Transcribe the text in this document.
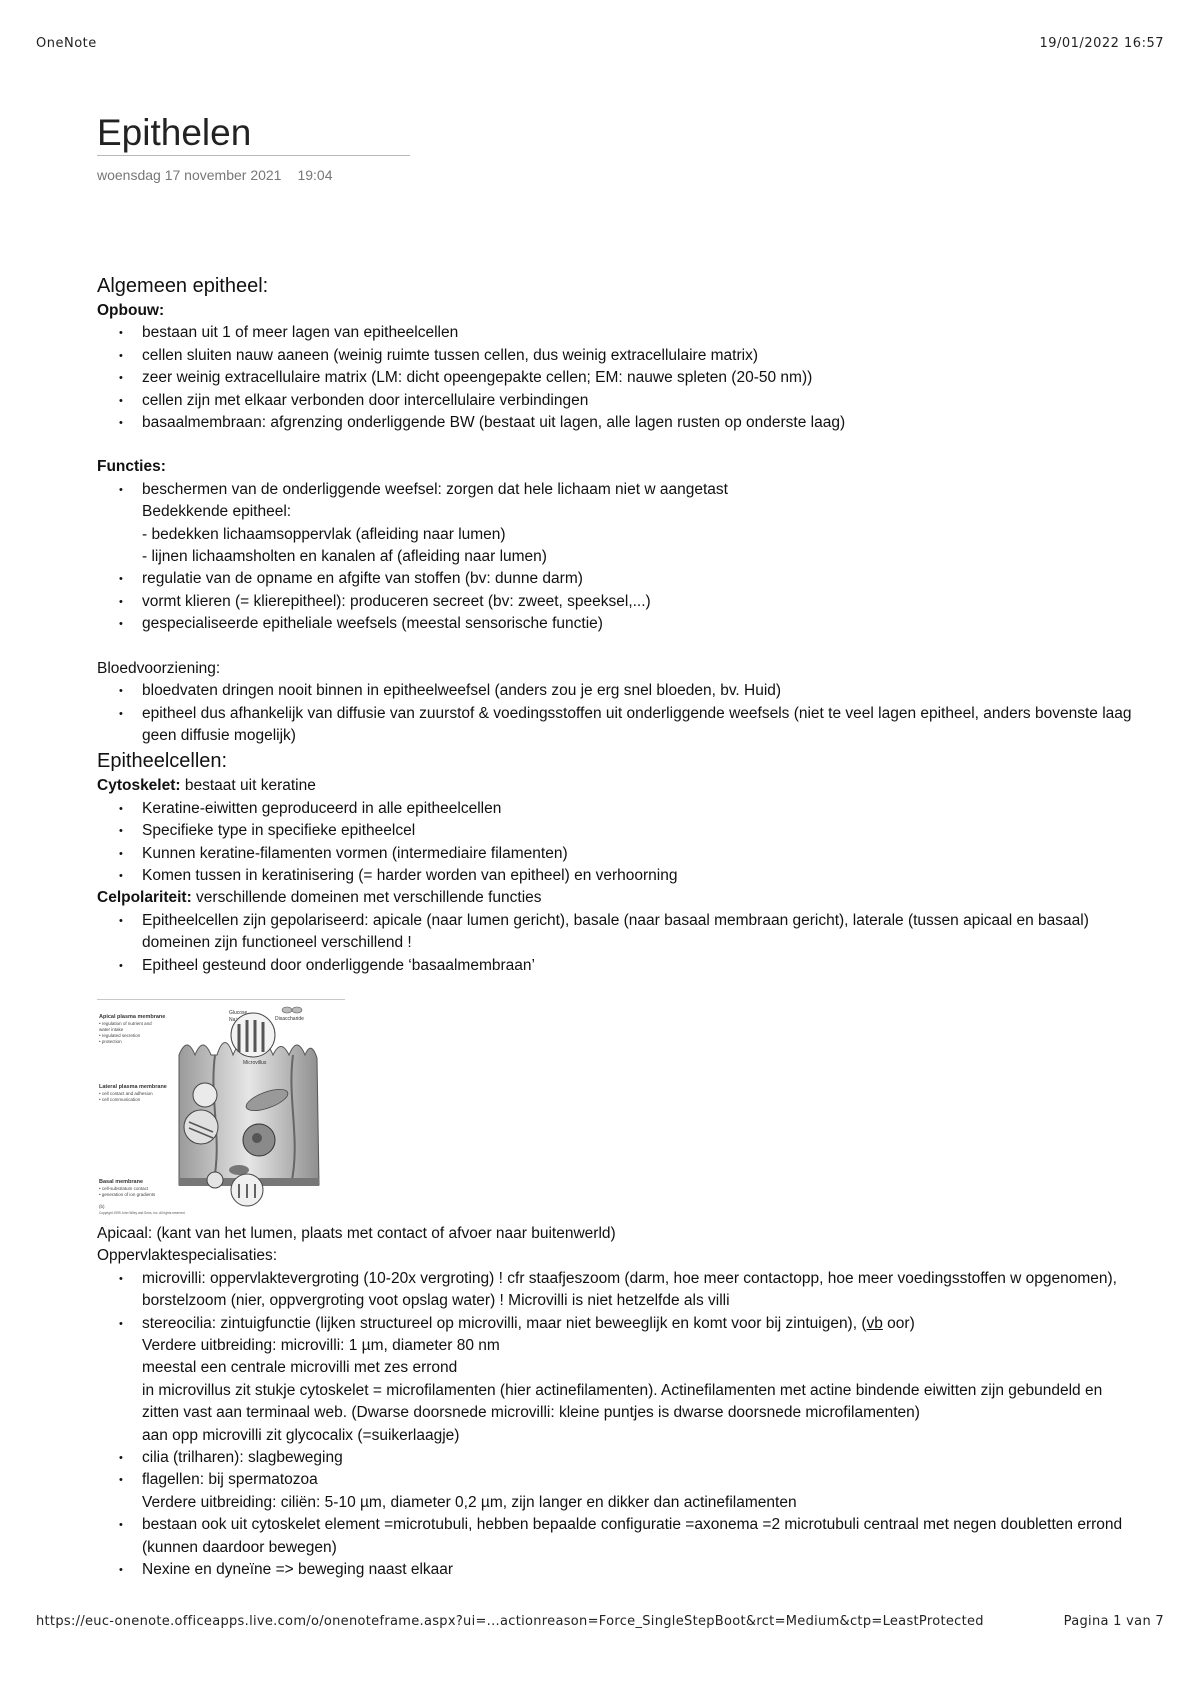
OneNote	19/01/2022 16:57
Epithelen
woensdag 17 november 2021 19:04
Algemeen epitheel:
Opbouw:
• bestaan uit 1 of meer lagen van epitheelcellen
• cellen sluiten nauw aaneen (weinig ruimte tussen cellen, dus weinig extracellulaire matrix)
• zeer weinig extracellulaire matrix (LM: dicht opeengepakte cellen; EM: nauwe spleten (20-50 nm))
• cellen zijn met elkaar verbonden door intercellulaire verbindingen
• basaalmembraan: afgrenzing onderliggende BW (bestaat uit lagen, alle lagen rusten op onderste laag)
Functies:
• beschermen van de onderliggende weefsel: zorgen dat hele lichaam niet w aangetast
Bedekkende epitheel:
- bedekken lichaamsoppervlak (afleiding naar lumen)
- lijnen lichaamsholten en kanalen af (afleiding naar lumen)
• regulatie van de opname en afgifte van stoffen (bv: dunne darm)
• vormt klieren (= klierepitheel): produceren secreet (bv: zweet, speeksel,...)
• gespecialiseerde epitheliale weefsels (meestal sensorische functie)
Bloedvoorziening:
• bloedvaten dringen nooit binnen in epitheelweefsel (anders zou je erg snel bloeden, bv. Huid)
• epitheel dus afhankelijk van diffusie van zuurstof & voedingsstoffen uit onderliggende weefsels (niet te veel lagen epitheel, anders bovenste laag geen diffusie mogelijk)
Epitheelcellen:
Cytoskelet: bestaat uit keratine
• Keratine-eiwitten geproduceerd in alle epitheelcellen
• Specifieke type in specifieke epitheelcel
• Kunnen keratine-filamenten vormen (intermediaire filamenten)
• Komen tussen in keratinisering (= harder worden van epitheel) en verhoorning
Celpolariteit: verschillende domeinen met verschillende functies
• Epitheelcellen zijn gepolariseerd: apicale (naar lumen gericht), basale (naar basaal membraan gericht), laterale (tussen apicaal en basaal) domeinen zijn functioneel verschillend !
• Epitheel gesteund door onderliggende ‘basaalmembraan’
Apical plasma membrane
• regulation of nutrient and
water intake
• regulated secretion
• protection
Lateral plasma membrane
• cell contact and adhesion
• cell communication
Basal membrane
• cell-substratum contact
• generation of ion gradients
(b)
Copyright 1999 John Wiley and Sons, Inc. All rights reserved.
Glucose
Na⁺	Disaccharide
Microvillus
Apicaal: (kant van het lumen, plaats met contact of afvoer naar buitenwerld)
Oppervlaktespecialisaties:
• microvilli: oppervlaktevergroting (10-20x vergroting) ! cfr staafjeszoom (darm, hoe meer contactopp, hoe meer voedingsstoffen w opgenomen), borstelzoom (nier, oppvergroting voot opslag water) ! Microvilli is niet hetzelfde als villi
• stereocilia: zintuigfunctie (lijken structureel op microvilli, maar niet beweeglijk en komt voor bij zintuigen), (vb oor)
Verdere uitbreiding: microvilli: 1 µm, diameter 80 nm
meestal een centrale microvilli met zes errond
in microvillus zit stukje cytoskelet = microfilamenten (hier actinefilamenten). Actinefilamenten met actine bindende eiwitten zijn gebundeld en zitten vast aan terminaal web. (Dwarse doorsnede microvilli: kleine puntjes is dwarse doorsnede microfilamenten)
aan opp microvilli zit glycocalix (=suikerlaagje)
• cilia (trilharen): slagbeweging
• flagellen: bij spermatozoa
Verdere uitbreiding: ciliën: 5-10 µm, diameter 0,2 µm, zijn langer en dikker dan actinefilamenten
• bestaan ook uit cytoskelet element =microtubuli, hebben bepaalde configuratie =axonema =2 microtubuli centraal met negen doubletten errond (kunnen daardoor bewegen)
• Nexine en dyneïne => beweging naast elkaar
https://euc-onenote.officeapps.live.com/o/onenoteframe.aspx?ui=...actionreason=Force_SingleStepBoot&rct=Medium&ctp=LeastProtected	Pagina 1 van 7
